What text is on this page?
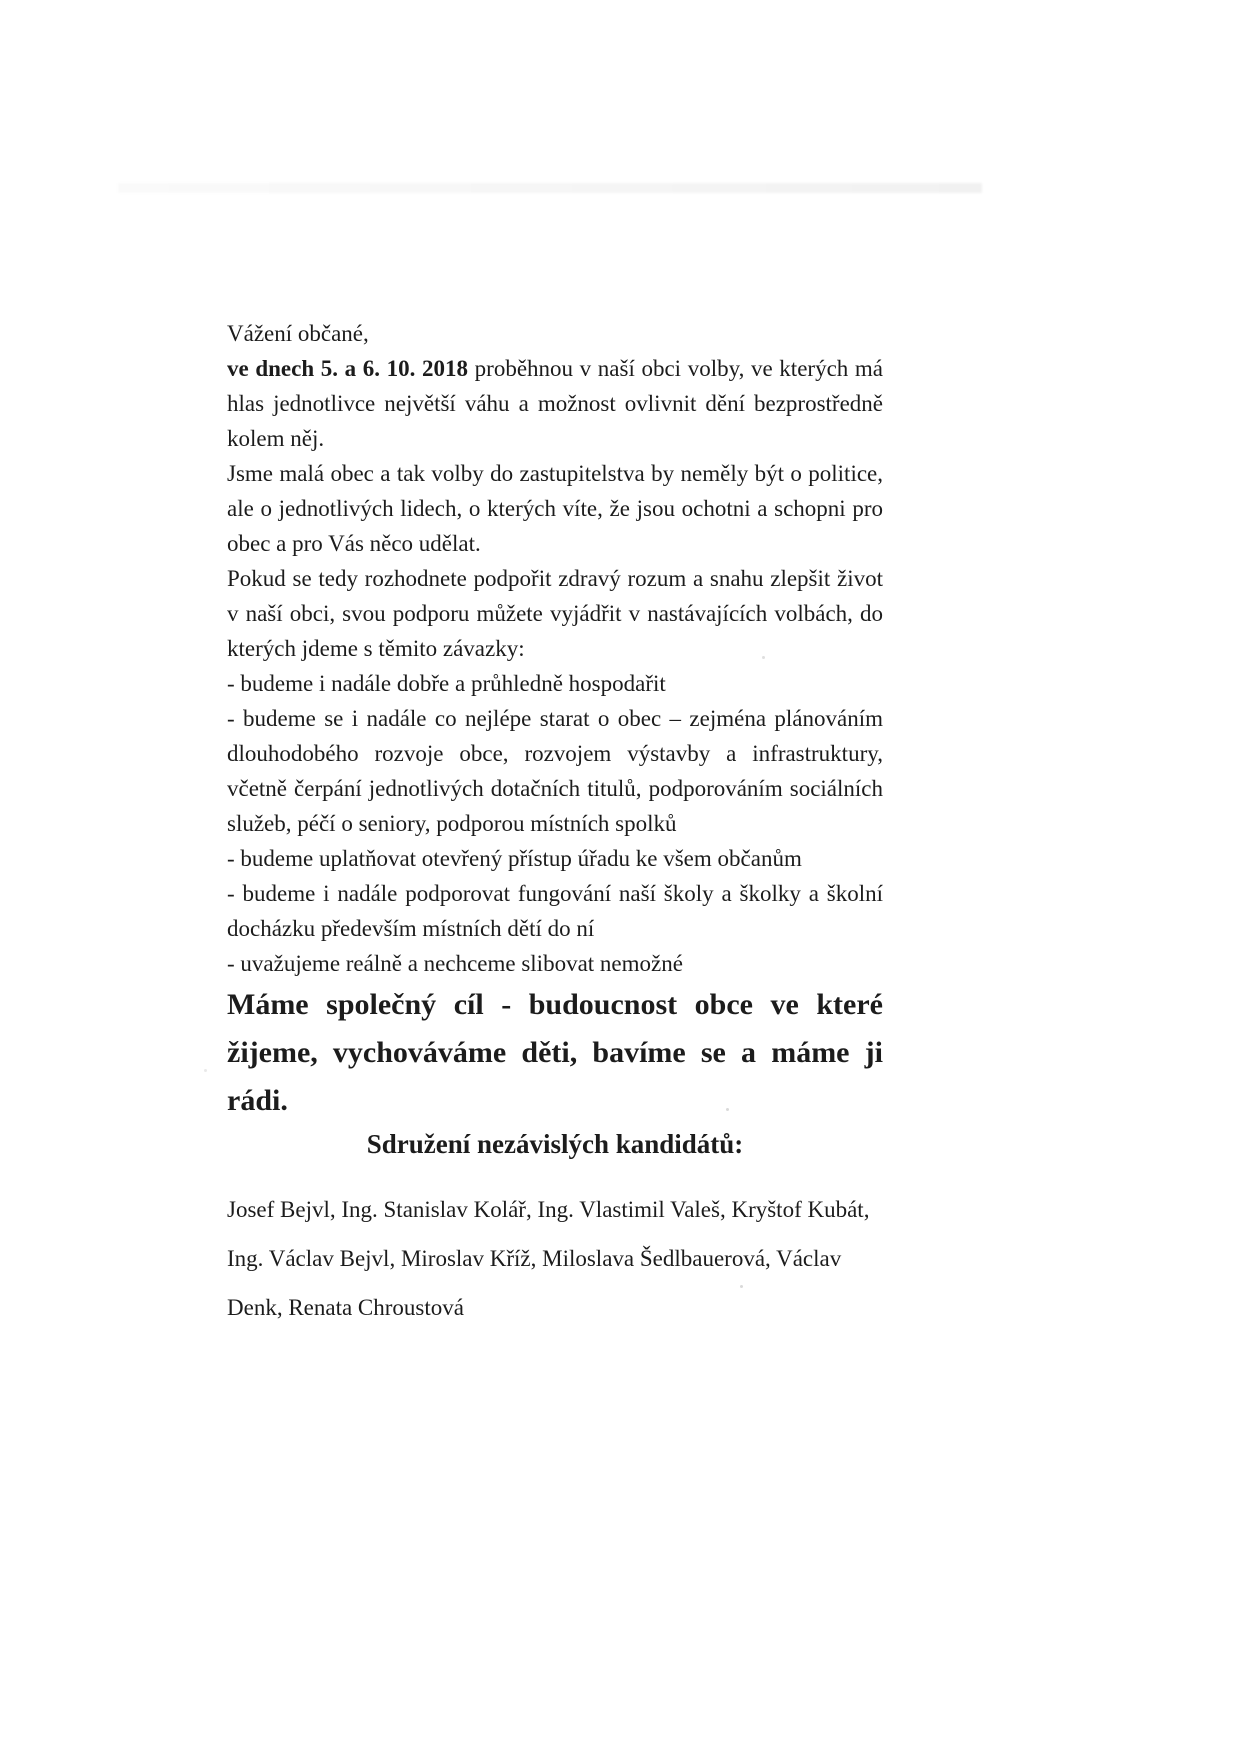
Vážení občané,

ve dnech 5. a 6. 10. 2018 proběhnou v naší obci volby, ve kterých má hlas jednotlivce největší váhu a možnost ovlivnit dění bezprostředně kolem něj.

Jsme malá obec a tak volby do zastupitelstva by neměly být o politice, ale o jednotlivých lidech, o kterých víte, že jsou ochotni a schopni pro obec a pro Vás něco udělat.

Pokud se tedy rozhodnete podpořit zdravý rozum a snahu zlepšit život v naší obci, svou podporu můžete vyjádřit v nastávajících volbách, do kterých jdeme s těmito závazky:

- budeme i nadále dobře a průhledně hospodařit

- budeme se i nadále co nejlépe starat o obec – zejména plánováním dlouhodobého rozvoje obce, rozvojem výstavby a infrastruktury, včetně čerpání jednotlivých dotačních titulů, podporováním sociálních služeb, péčí o seniory, podporou místních spolků

- budeme uplatňovat otevřený přístup úřadu ke všem občanům

- budeme i nadále podporovat fungování naší školy a školky a školní docházku především místních dětí do ní

- uvažujeme reálně a nechceme slibovat nemožné

Máme společný cíl - budoucnost obce ve které žijeme, vychováváme děti, bavíme se a máme ji rádi.
Sdružení nezávislých kandidátů:

Josef Bejvl, Ing. Stanislav Kolář, Ing. Vlastimil Valeš, Kryštof Kubát,

Ing. Václav Bejvl, Miroslav Kříž, Miloslava Šedlbauerová, Václav

Denk, Renata Chroustová
